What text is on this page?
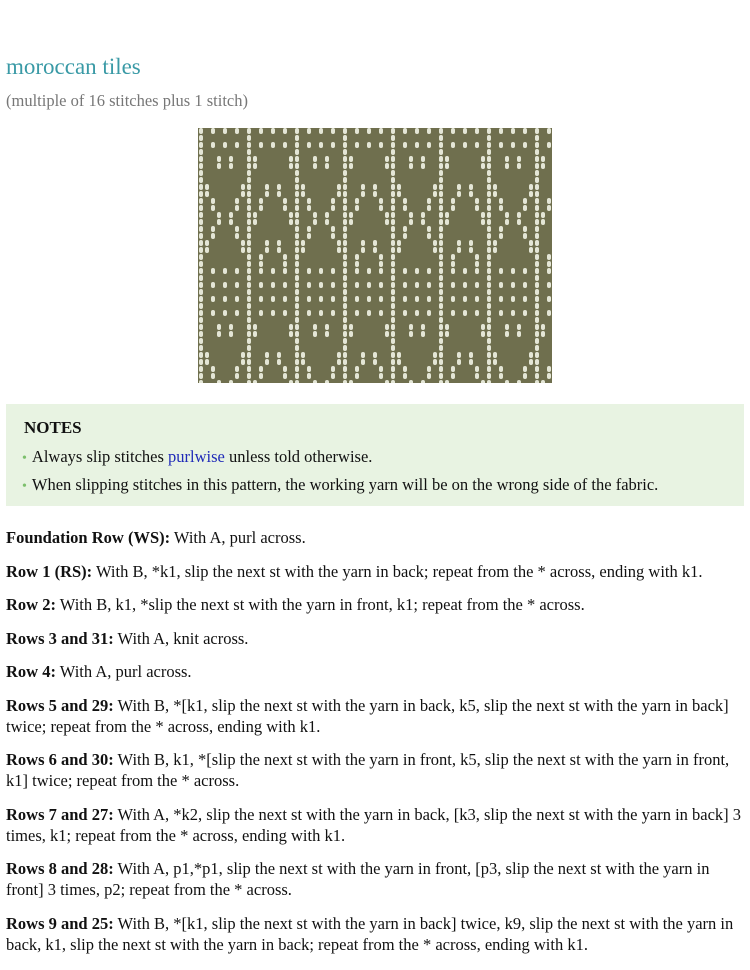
moroccan tiles

(multiple of 16 stitches plus 1 stitch)

NOTES
• Always slip stitches purlwise unless told otherwise.
• When slipping stitches in this pattern, the working yarn will be on the wrong side of the fabric.

Foundation Row (WS): With A, purl across.

Row 1 (RS): With B, *k1, slip the next st with the yarn in back; repeat from the * across, ending with k1.

Row 2: With B, k1, *slip the next st with the yarn in front, k1; repeat from the * across.

Rows 3 and 31: With A, knit across.

Row 4: With A, purl across.

Rows 5 and 29: With B, *[k1, slip the next st with the yarn in back, k5, slip the next st with the yarn in back] twice; repeat from the * across, ending with k1.

Rows 6 and 30: With B, k1, *[slip the next st with the yarn in front, k5, slip the next st with the yarn in front, k1] twice; repeat from the * across.

Rows 7 and 27: With A, *k2, slip the next st with the yarn in back, [k3, slip the next st with the yarn in back] 3 times, k1; repeat from the * across, ending with k1.

Rows 8 and 28: With A, p1,*p1, slip the next st with the yarn in front, [p3, slip the next st with the yarn in front] 3 times, p2; repeat from the * across.

Rows 9 and 25: With B, *[k1, slip the next st with the yarn in back] twice, k9, slip the next st with the yarn in back, k1, slip the next st with the yarn in back; repeat from the * across, ending with k1.
